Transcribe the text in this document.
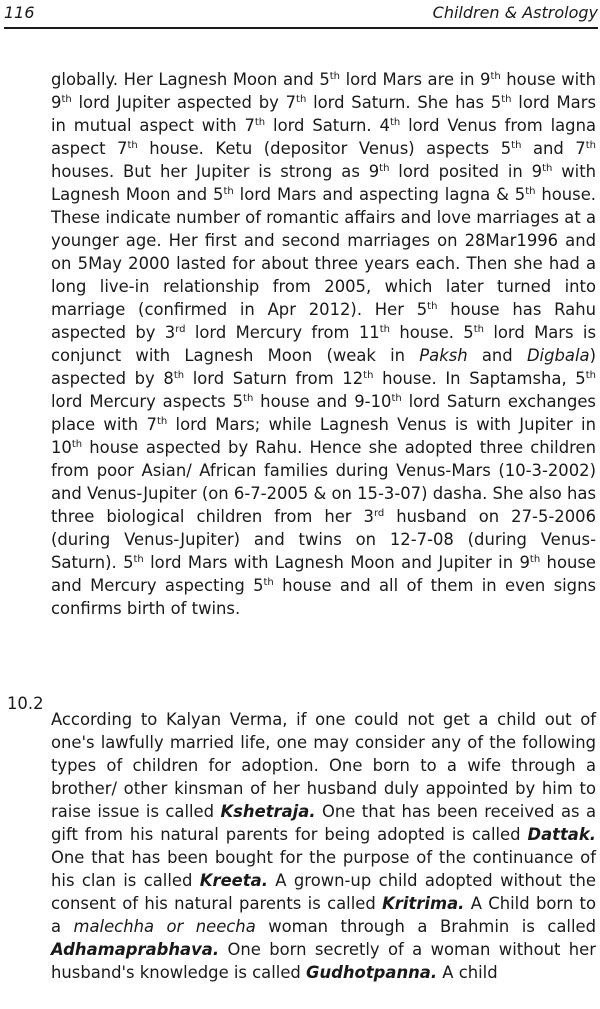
116	Children & Astrology

globally. Her Lagnesh Moon and 5th lord Mars are in 9th house with 9th lord Jupiter aspected by 7th lord Saturn. She has 5th lord Mars in mutual aspect with 7th lord Saturn. 4th lord Venus from lagna aspect 7th house. Ketu (depositor Venus) aspects 5th and 7th houses. But her Jupiter is strong as 9th lord posited in 9th with Lagnesh Moon and 5th lord Mars and aspecting lagna & 5th house. These indicate number of romantic affairs and love marriages at a younger age. Her first and second marriages on 28Mar1996 and on 5May 2000 lasted for about three years each. Then she had a long live-in relationship from 2005, which later turned into marriage (confirmed in Apr 2012). Her 5th house has Rahu aspected by 3rd lord Mercury from 11th house. 5th lord Mars is conjunct with Lagnesh Moon (weak in Paksh and Digbala) aspected by 8th lord Saturn from 12th house. In Saptamsha, 5th lord Mercury aspects 5th house and 9-10th lord Saturn exchanges place with 7th lord Mars; while Lagnesh Venus is with Jupiter in 10th house aspected by Rahu. Hence she adopted three children from poor Asian/ African families during Venus-Mars (10-3-2002) and Venus-Jupiter (on 6-7-2005 & on 15-3-07) dasha. She also has three biological children from her 3rd husband on 27-5-2006 (during Venus-Jupiter) and twins on 12-7-08 (during Venus-Saturn). 5th lord Mars with Lagnesh Moon and Jupiter in 9th house and Mercury aspecting 5th house and all of them in even signs confirms birth of twins.

10.2

According to Kalyan Verma, if one could not get a child out of one's lawfully married life, one may consider any of the following types of children for adoption. One born to a wife through a brother/ other kinsman of her husband duly appointed by him to raise issue is called Kshetraja. One that has been received as a gift from his natural parents for being adopted is called Dattak. One that has been bought for the purpose of the continuance of his clan is called Kreeta. A grown-up child adopted without the consent of his natural parents is called Kritrima. A Child born to a malechha or neecha woman through a Brahmin is called Adhamaprabhava. One born secretly of a woman without her husband's knowledge is called Gudhotpanna. A child
